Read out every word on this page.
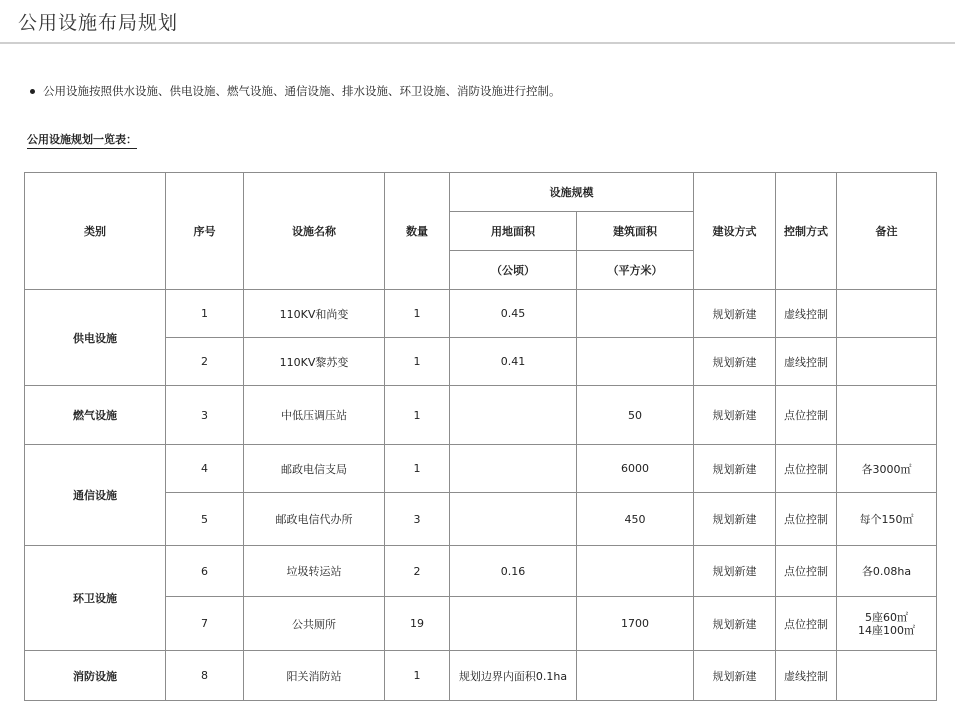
公用设施布局规划
公用设施按照供水设施、供电设施、燃气设施、通信设施、排水设施、环卫设施、消防设施进行控制。
公用设施规划一览表：
类别	序号	设施名称	数量	设施规模		建设方式	控制方式	备注
				用地面积	建筑面积			
				（公顷）	（平方米）			
供电设施	1	110KV和尚变	1	0.45		规划新建	虚线控制	
	2	110KV黎苏变	1	0.41		规划新建	虚线控制	
燃气设施	3	中低压调压站	1		50	规划新建	点位控制	
通信设施	4	邮政电信支局	1		6000	规划新建	点位控制	各3000㎡
	5	邮政电信代办所	3		450	规划新建	点位控制	每个150㎡
环卫设施	6	垃圾转运站	2	0.16		规划新建	点位控制	各0.08ha
	7	公共厕所	19		1700	规划新建	点位控制	5座60㎡
14座100㎡
消防设施	8	阳关消防站	1	规划边界内面积0.1ha		规划新建	虚线控制	
